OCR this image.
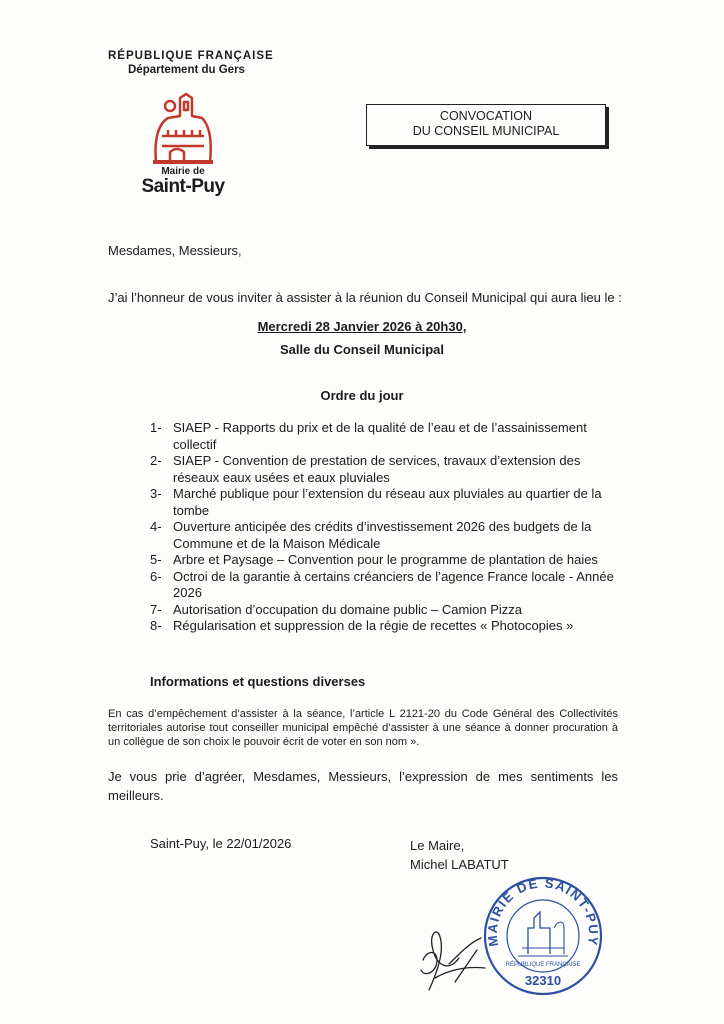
RÉPUBLIQUE FRANÇAISE
Département du Gers
Mairie de
Saint-Puy
CONVOCATION
DU CONSEIL MUNICIPAL
Mesdames, Messieurs,
J’ai l’honneur de vous inviter à assister à la réunion du Conseil Municipal qui aura lieu le :
Mercredi 28 Janvier 2026 à 20h30,
Salle du Conseil Municipal
Ordre du jour
1- SIAEP - Rapports du prix et de la qualité de l’eau et de l’assainissement collectif
2- SIAEP - Convention de prestation de services, travaux d’extension des réseaux eaux usées et eaux pluviales
3- Marché publique pour l’extension du réseau aux pluviales au quartier de la tombe
4- Ouverture anticipée des crédits d’investissement 2026 des budgets de la Commune et de la Maison Médicale
5- Arbre et Paysage – Convention pour le programme de plantation de haies
6- Octroi de la garantie à certains créanciers de l’agence France locale - Année 2026
7- Autorisation d’occupation du domaine public – Camion Pizza
8- Régularisation et suppression de la régie de recettes « Photocopies »
Informations et questions diverses
En cas d’empêchement d’assister à la séance, l’article L 2121-20 du Code Général des Collectivités territoriales autorise tout conseiller municipal empêché d’assister à une séance à donner procuration à un collègue de son choix le pouvoir écrit de voter en son nom ».
Je vous prie d’agréer, Mesdames, Messieurs, l’expression de mes sentiments les meilleurs.
Saint-Puy, le 22/01/2026	Le Maire,
Michel LABATUT
MAIRIE DE SAINT-PUY
RÉPUBLIQUE FRANÇAISE
32310
